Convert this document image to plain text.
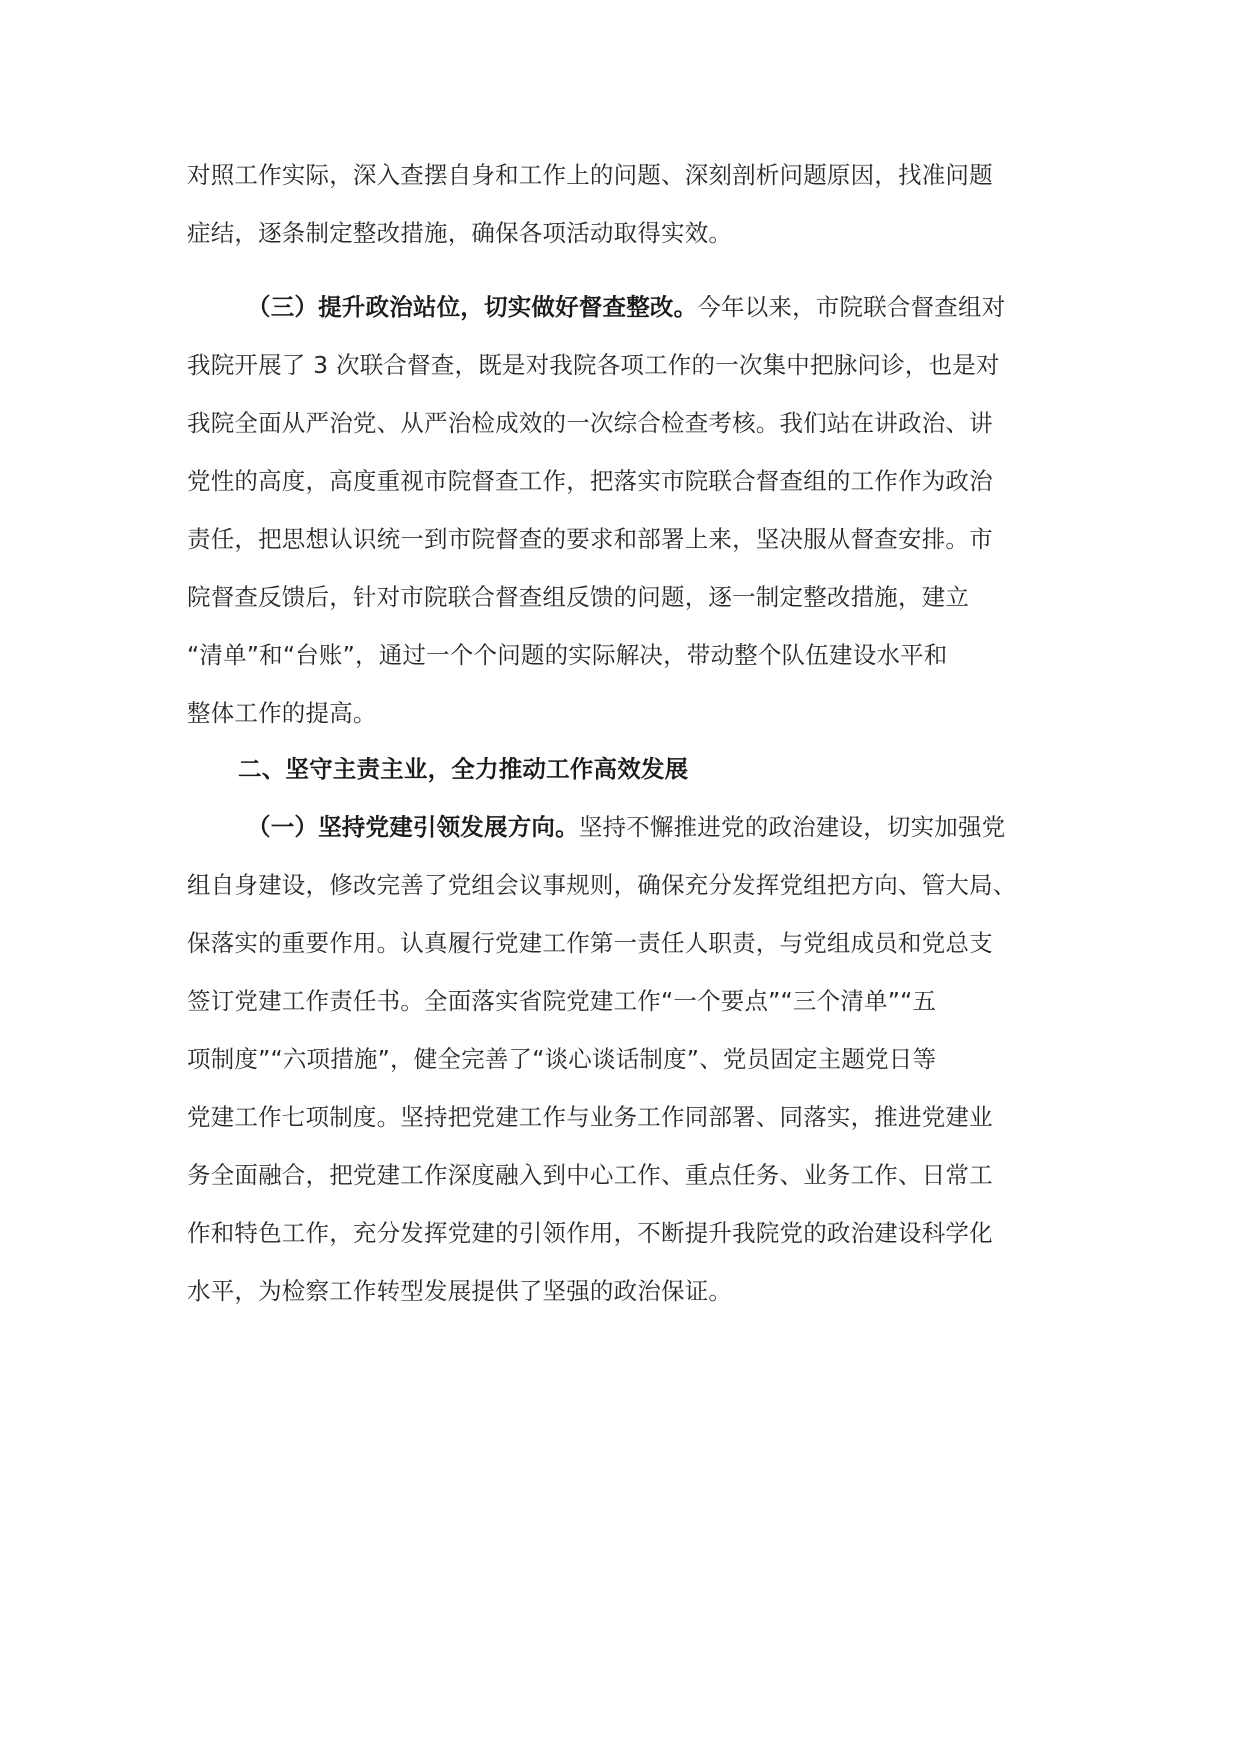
对照工作实际，深入查摆自身和工作上的问题、深刻剖析问题原因，找准问题
症结，逐条制定整改措施，确保各项活动取得实效。
（三）提升政治站位，切实做好督查整改。今年以来，市院联合督查组对
我院开展了 3 次联合督查，既是对我院各项工作的一次集中把脉问诊，也是对
我院全面从严治党、从严治检成效的一次综合检查考核。我们站在讲政治、讲
党性的高度，高度重视市院督查工作，把落实市院联合督查组的工作作为政治
责任，把思想认识统一到市院督查的要求和部署上来，坚决服从督查安排。市
院督查反馈后，针对市院联合督查组反馈的问题，逐一制定整改措施，建立
“清单”和“台账”，通过一个个问题的实际解决，带动整个队伍建设水平和
整体工作的提高。
二、坚守主责主业，全力推动工作高效发展
（一）坚持党建引领发展方向。坚持不懈推进党的政治建设，切实加强党
组自身建设，修改完善了党组会议事规则，确保充分发挥党组把方向、管大局、
保落实的重要作用。认真履行党建工作第一责任人职责，与党组成员和党总支
签订党建工作责任书。全面落实省院党建工作“一个要点”“三个清单”“五
项制度”“六项措施”，健全完善了“谈心谈话制度”、党员固定主题党日等
党建工作七项制度。坚持把党建工作与业务工作同部署、同落实，推进党建业
务全面融合，把党建工作深度融入到中心工作、重点任务、业务工作、日常工
作和特色工作，充分发挥党建的引领作用，不断提升我院党的政治建设科学化
水平，为检察工作转型发展提供了坚强的政治保证。
